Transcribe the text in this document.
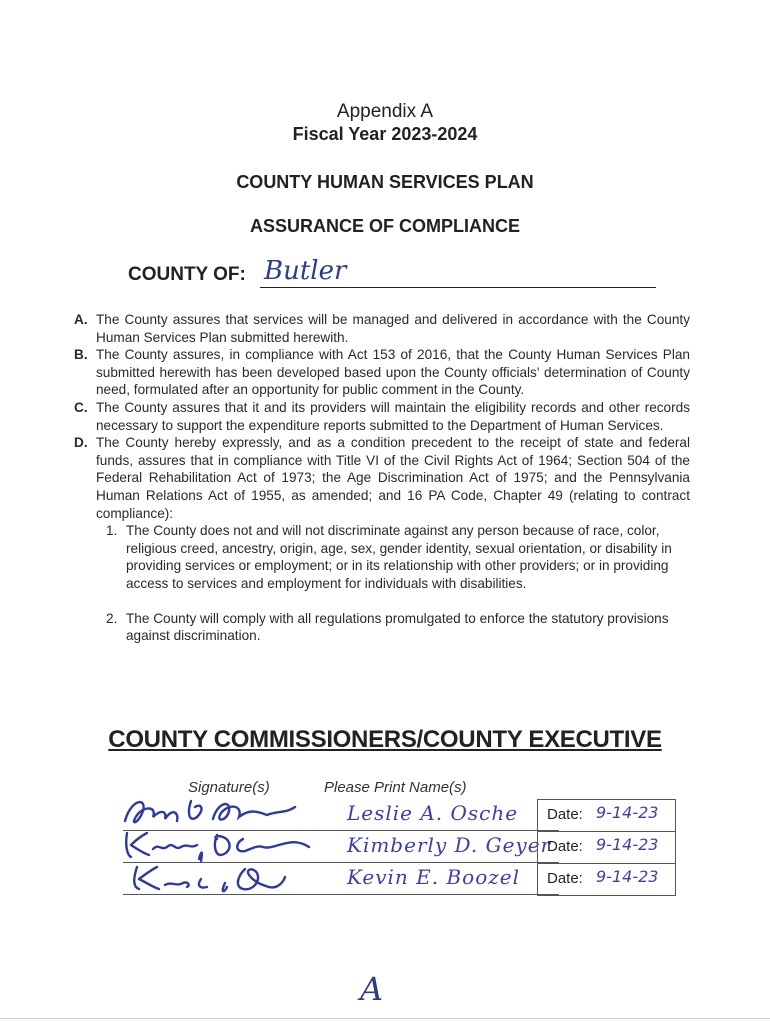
Appendix A
Fiscal Year 2023-2024
COUNTY HUMAN SERVICES PLAN
ASSURANCE OF COMPLIANCE
COUNTY OF: Butler
A. The County assures that services will be managed and delivered in accordance with the County Human Services Plan submitted herewith.
B. The County assures, in compliance with Act 153 of 2016, that the County Human Services Plan submitted herewith has been developed based upon the County officials' determination of County need, formulated after an opportunity for public comment in the County.
C. The County assures that it and its providers will maintain the eligibility records and other records necessary to support the expenditure reports submitted to the Department of Human Services.
D. The County hereby expressly, and as a condition precedent to the receipt of state and federal funds, assures that in compliance with Title VI of the Civil Rights Act of 1964; Section 504 of the Federal Rehabilitation Act of 1973; the Age Discrimination Act of 1975; and the Pennsylvania Human Relations Act of 1955, as amended; and 16 PA Code, Chapter 49 (relating to contract compliance):
1. The County does not and will not discriminate against any person because of race, color, religious creed, ancestry, origin, age, sex, gender identity, sexual orientation, or disability in providing services or employment; or in its relationship with other providers; or in providing access to services and employment for individuals with disabilities.
2. The County will comply with all regulations promulgated to enforce the statutory provisions against discrimination.
COUNTY COMMISSIONERS/COUNTY EXECUTIVE
Signature(s)	Please Print Name(s)
Leslie A. Osche Date: 9-14-23
Kimberly D. Geyer
Date: 9-14-23
Kevin E. Boozel Date: 9-14-23
A
